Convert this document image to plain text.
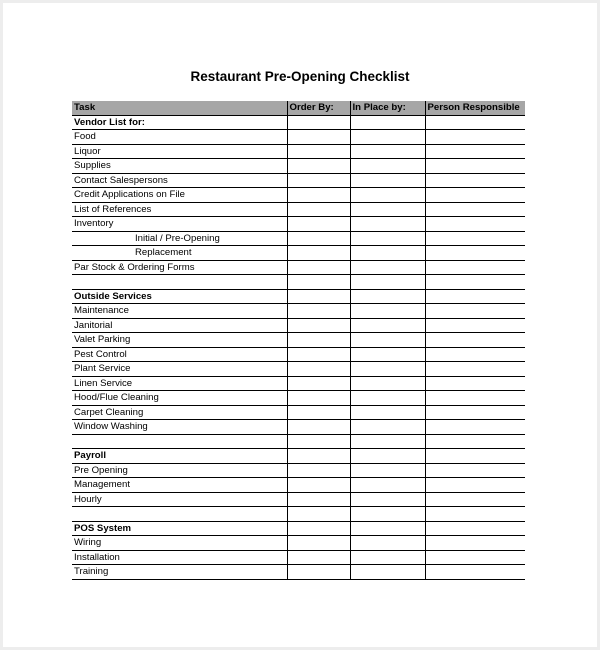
Restaurant Pre-Opening Checklist
Task	Order By:	In Place by:	Person Responsible
Vendor List for:			
Food			
Liquor			
Supplies			
Contact Salespersons			
Credit Applications on File			
List of References			
Inventory			
Initial / Pre-Opening			
Replacement			
Par Stock & Ordering Forms			

Outside Services			
Maintenance			
Janitorial			
Valet Parking			
Pest Control			
Plant Service			
Linen Service			
Hood/Flue Cleaning			
Carpet Cleaning			
Window Washing			

Payroll			
Pre Opening			
Management			
Hourly			

POS System			
Wiring			
Installation			
Training			
